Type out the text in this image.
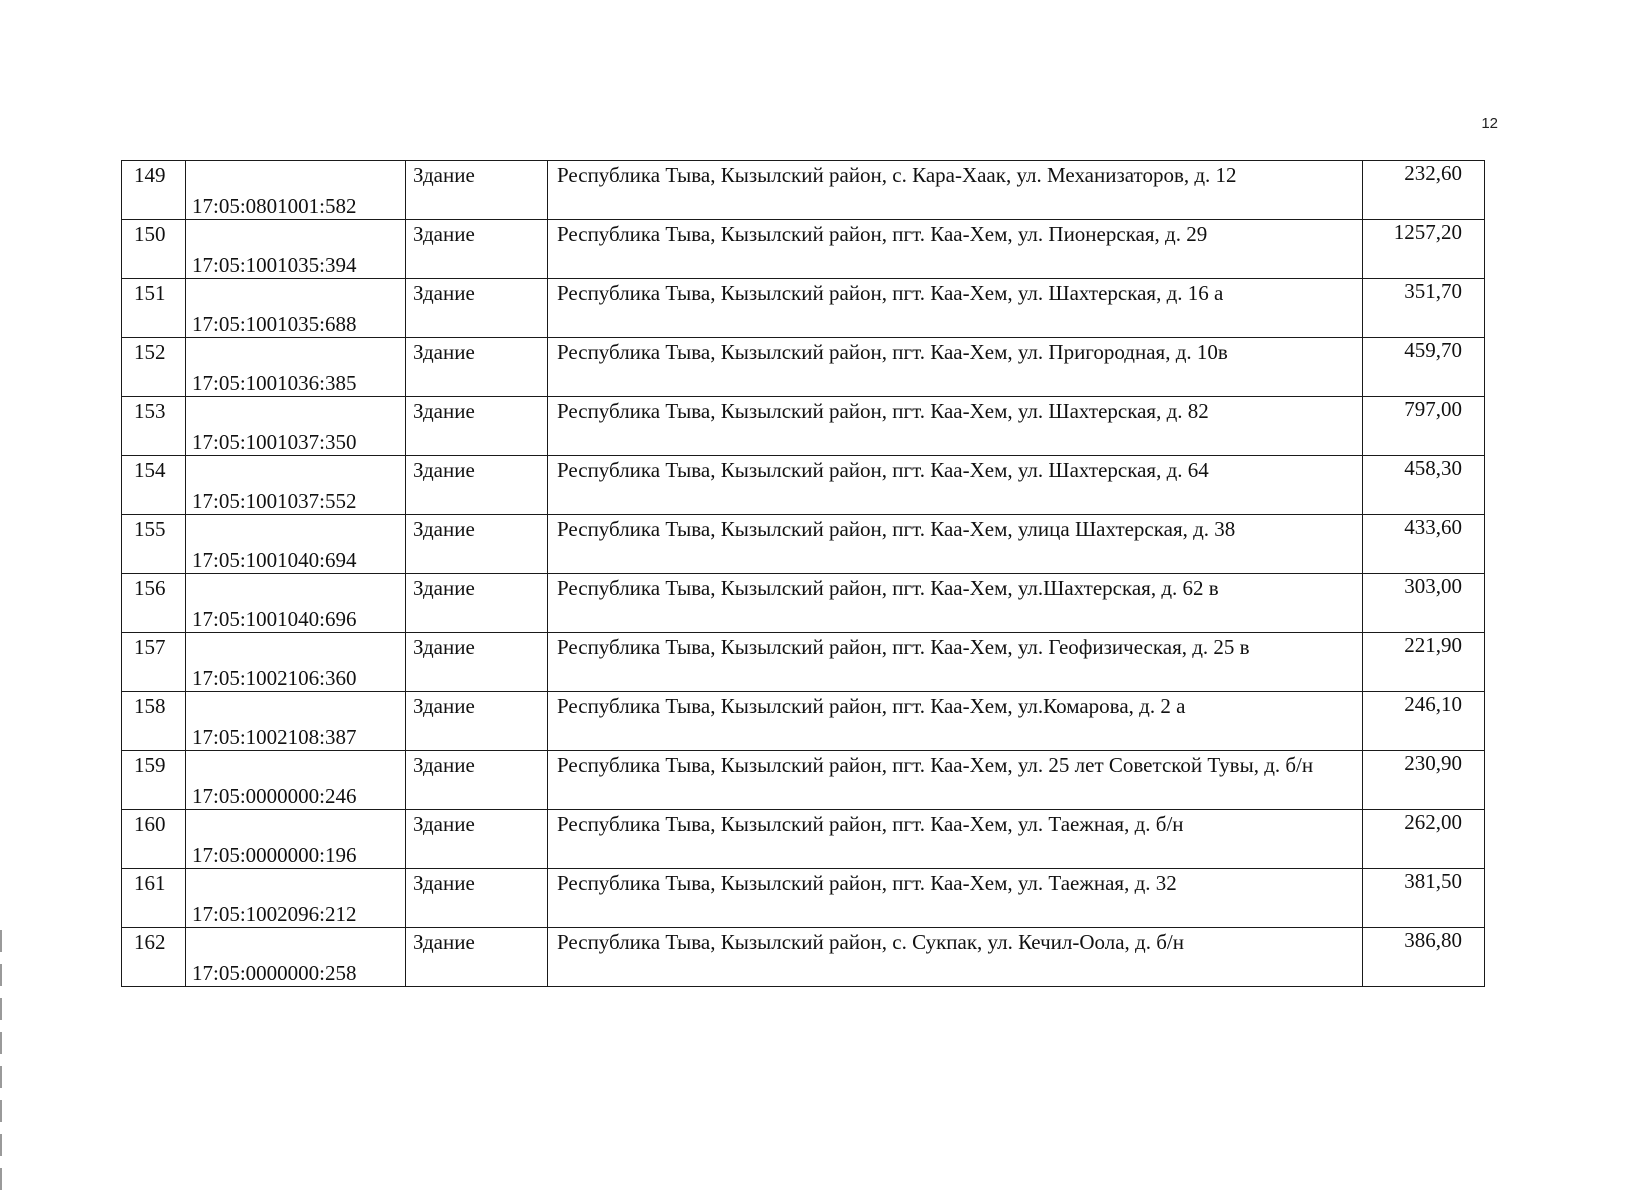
12
149	17:05:0801001:582	Здание	Республика Тыва, Кызылский район, с. Кара-Хаак, ул. Механизаторов, д. 12	232,60
150	17:05:1001035:394	Здание	Республика Тыва, Кызылский район, пгт. Каа-Хем, ул. Пионерская, д. 29	1257,20
151	17:05:1001035:688	Здание	Республика Тыва, Кызылский район, пгт. Каа-Хем, ул. Шахтерская, д. 16 а	351,70
152	17:05:1001036:385	Здание	Республика Тыва, Кызылский район, пгт. Каа-Хем, ул. Пригородная, д. 10в	459,70
153	17:05:1001037:350	Здание	Республика Тыва, Кызылский район, пгт. Каа-Хем, ул. Шахтерская, д. 82	797,00
154	17:05:1001037:552	Здание	Республика Тыва, Кызылский район, пгт. Каа-Хем, ул. Шахтерская, д. 64	458,30
155	17:05:1001040:694	Здание	Республика Тыва, Кызылский район, пгт. Каа-Хем, улица Шахтерская, д. 38	433,60
156	17:05:1001040:696	Здание	Республика Тыва, Кызылский район, пгт. Каа-Хем, ул.Шахтерская, д. 62 в	303,00
157	17:05:1002106:360	Здание	Республика Тыва, Кызылский район, пгт. Каа-Хем, ул. Геофизическая, д. 25 в	221,90
158	17:05:1002108:387	Здание	Республика Тыва, Кызылский район, пгт. Каа-Хем, ул.Комарова, д. 2 а	246,10
159	17:05:0000000:246	Здание	Республика Тыва, Кызылский район, пгт. Каа-Хем, ул. 25 лет Советской Тувы, д. б/н	230,90
160	17:05:0000000:196	Здание	Республика Тыва, Кызылский район, пгт. Каа-Хем, ул. Таежная, д. б/н	262,00
161	17:05:1002096:212	Здание	Республика Тыва, Кызылский район, пгт. Каа-Хем, ул. Таежная, д. 32	381,50
162	17:05:0000000:258	Здание	Республика Тыва, Кызылский район, с. Сукпак, ул. Кечил-Оола, д. б/н	386,80
